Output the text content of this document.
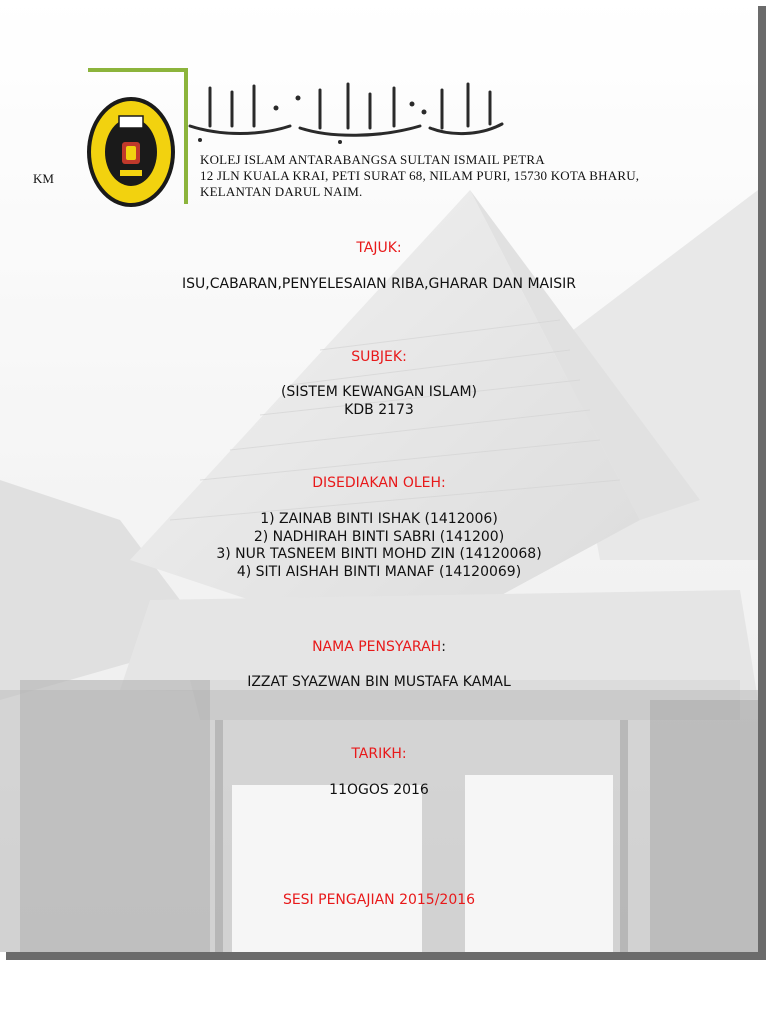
KM
KOLEJ ISLAM ANTARABANGSA SULTAN ISMAIL PETRA
12 JLN KUALA KRAI, PETI SURAT 68, NILAM PURI, 15730 KOTA BHARU,
KELANTAN DARUL NAIM.
TAJUK:
ISU,CABARAN,PENYELESAIAN RIBA,GHARAR DAN MAISIR
SUBJEK:
(SISTEM KEWANGAN ISLAM)
KDB 2173
DISEDIAKAN OLEH:
1) ZAINAB BINTI ISHAK (1412006)
2) NADHIRAH BINTI SABRI (141200)
3) NUR TASNEEM BINTI MOHD ZIN (14120068)
4) SITI AISHAH BINTI MANAF (14120069)
NAMA PENSYARAH:
IZZAT SYAZWAN BIN MUSTAFA KAMAL
TARIKH:
11OGOS 2016
SESI PENGAJIAN 2015/2016
